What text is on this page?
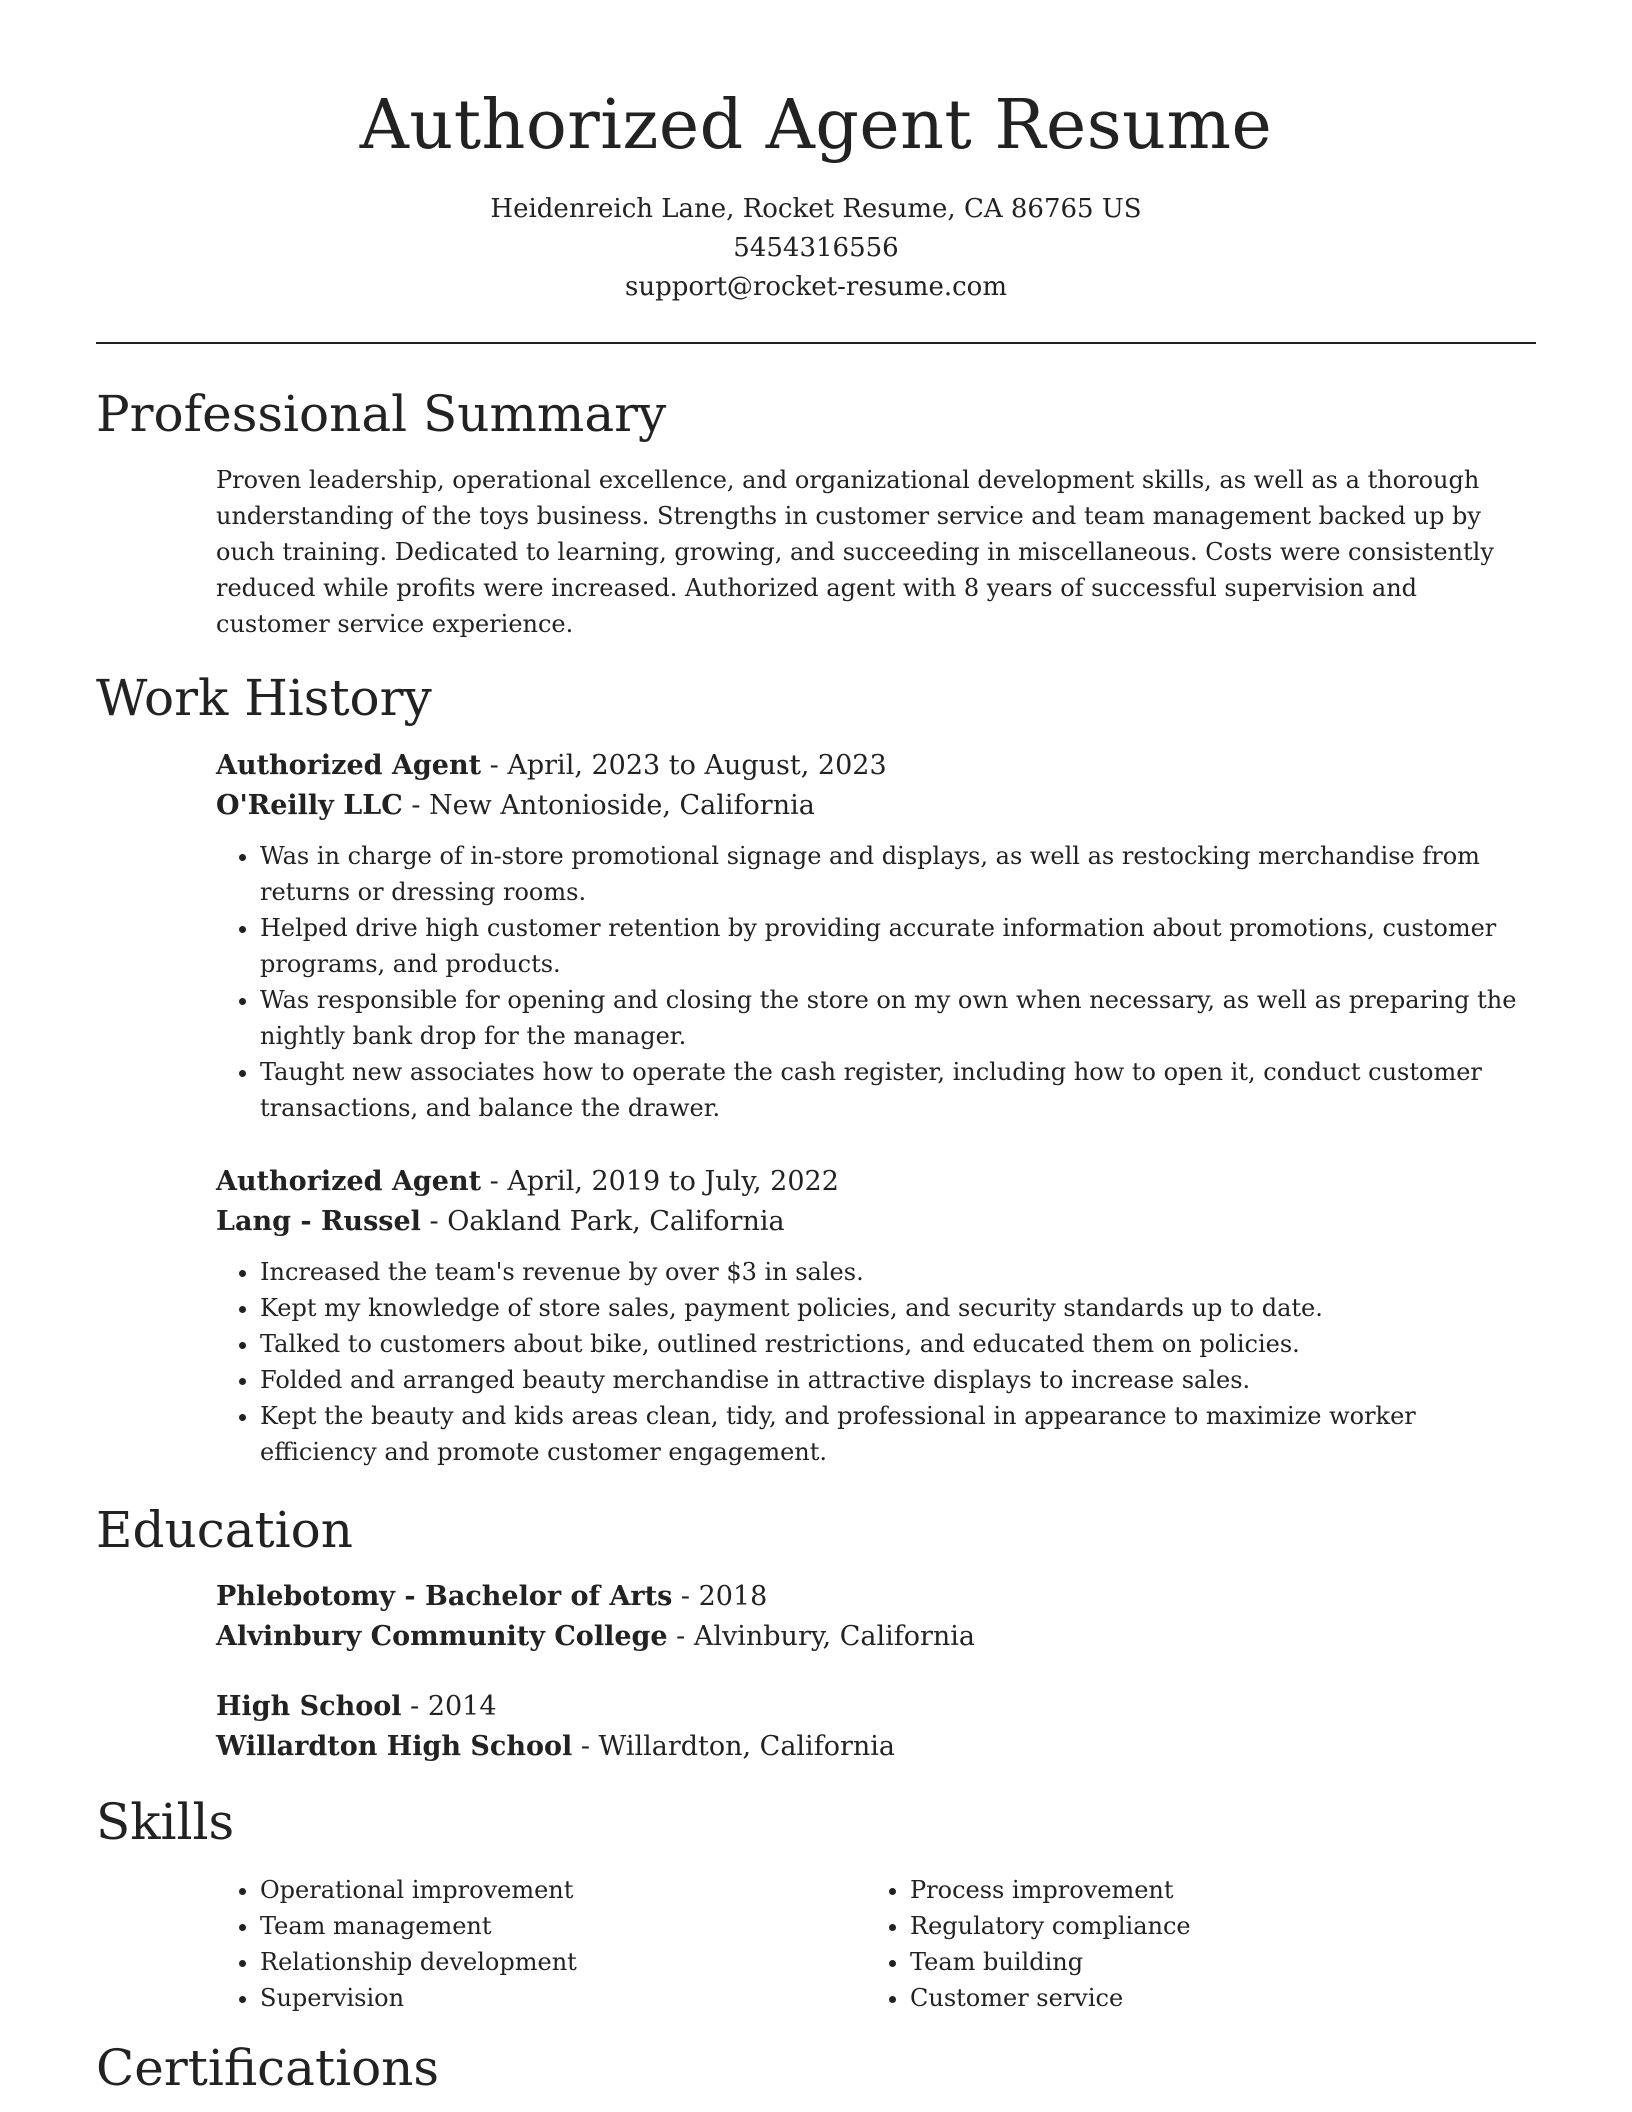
Authorized Agent Resume
Heidenreich Lane, Rocket Resume, CA 86765 US
5454316556
support@rocket-resume.com
Professional Summary

Proven leadership, operational excellence, and organizational development skills, as well as a thorough understanding of the toys business. Strengths in customer service and team management backed up by ouch training. Dedicated to learning, growing, and succeeding in miscellaneous. Costs were consistently reduced while profits were increased. Authorized agent with 8 years of successful supervision and customer service experience.

Work History
Authorized Agent - April, 2023 to August, 2023
O'Reilly LLC - New Antonioside, California
• Was in charge of in-store promotional signage and displays, as well as restocking merchandise from returns or dressing rooms.
• Helped drive high customer retention by providing accurate information about promotions, customer programs, and products.
• Was responsible for opening and closing the store on my own when necessary, as well as preparing the nightly bank drop for the manager.
• Taught new associates how to operate the cash register, including how to open it, conduct customer transactions, and balance the drawer.
Authorized Agent - April, 2019 to July, 2022
Lang - Russel - Oakland Park, California
• Increased the team's revenue by over $3 in sales.
• Kept my knowledge of store sales, payment policies, and security standards up to date.
• Talked to customers about bike, outlined restrictions, and educated them on policies.
• Folded and arranged beauty merchandise in attractive displays to increase sales.
• Kept the beauty and kids areas clean, tidy, and professional in appearance to maximize worker efficiency and promote customer engagement.
Education
Phlebotomy - Bachelor of Arts - 2018
Alvinbury Community College - Alvinbury, California
High School - 2014
Willardton High School - Willardton, California
Skills
• Operational improvement
• Team management
• Relationship development
• Supervision
• Process improvement
• Regulatory compliance
• Team building
• Customer service
Certifications
